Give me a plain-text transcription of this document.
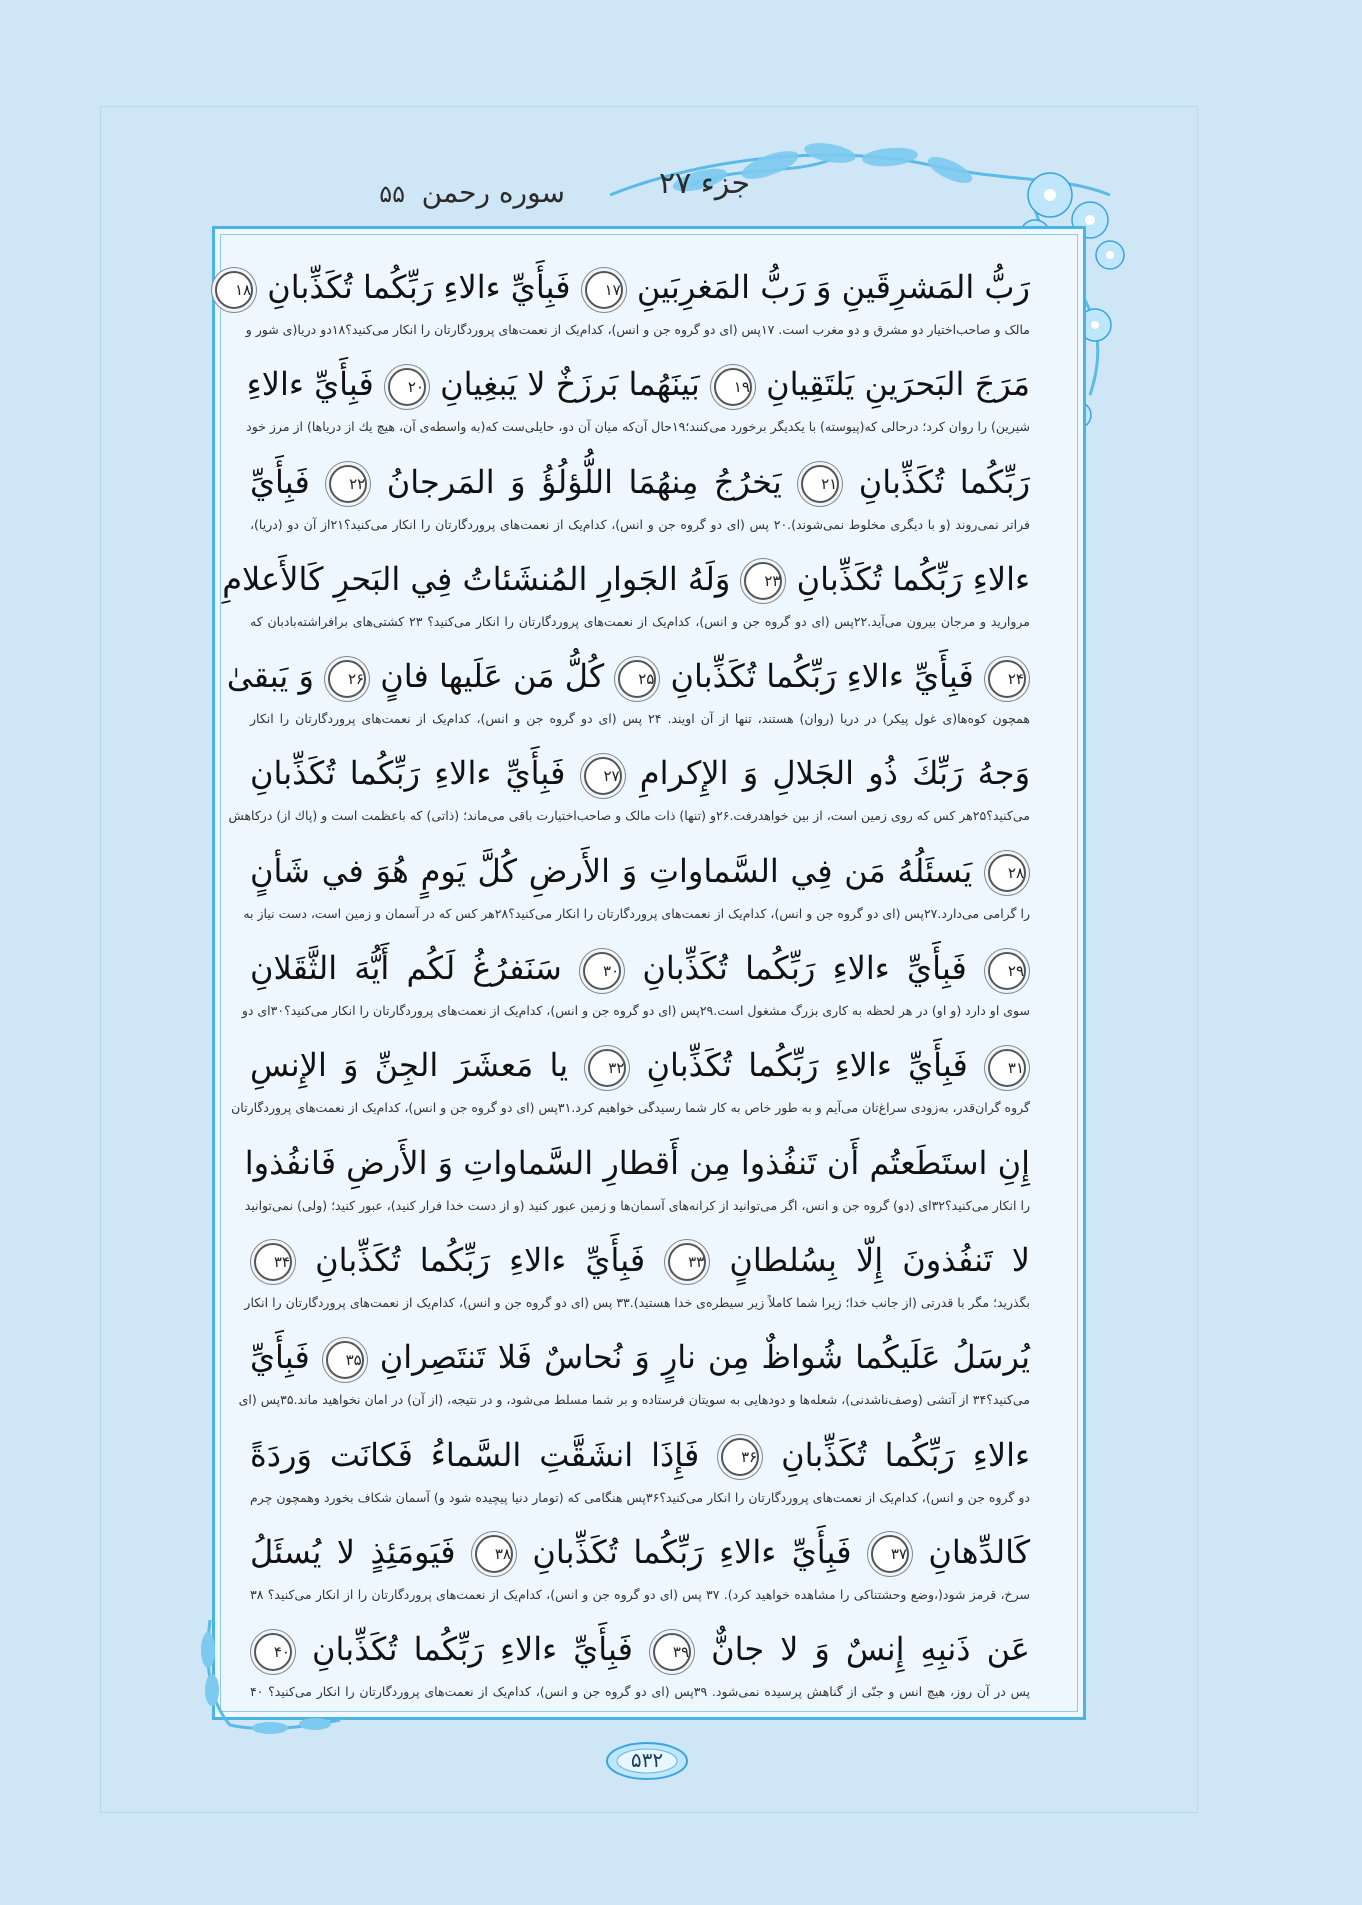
جزء ۲۷
سوره رحمن
۵۵
رَبُّ المَشرِقَينِ وَ رَبُّ المَغرِبَينِ ۱۷ فَبِأَيِّ ءالاءِ رَبِّكُما تُكَذِّبانِ ۱۸
مالک و صاحب‌اختیار دو مشرق و دو مغرب است. ۱۷پس (ای دو گروه جن و انس)، کدام‌یک از نعمت‌های پروردگارتان را انکار می‌کنید؟۱۸دو دریا(ی شور و
مَرَجَ البَحرَينِ يَلتَقِيانِ ۱۹ بَينَهُما بَرزَخٌ لا يَبغِيانِ ۲۰ فَبِأَيِّ ءالاءِ
شیرین) را روان کرد؛ درحالی که(پیوسته) با یکدیگر برخورد می‌کنند؛۱۹حال آن‌که میان آن دو، حایلی‌ست که(به واسطه‌ی آن، هیچ یك از دریاها) از مرز خود
رَبِّكُما تُكَذِّبانِ ۲۱ يَخرُجُ مِنهُمَا اللُّؤلُؤُ وَ المَرجانُ ۲۲ فَبِأَيِّ
فراتر نمی‌روند (و با دیگری مخلوط نمی‌شوند).۲۰ پس (ای دو گروه جن و انس)، کدام‌یک از نعمت‌های پروردگارتان را انکار می‌کنید؟۲۱از آن دو (دریا)،
ءالاءِ رَبِّكُما تُكَذِّبانِ ۲۳ وَلَهُ الجَوارِ المُنشَئاتُ فِي البَحرِ كَالأَعلامِ
مروارید و مرجان بیرون می‌آید.۲۲پس (ای دو گروه جن و انس)، کدام‌یک از نعمت‌های پروردگارتان را انکار می‌کنید؟ ۲۳ کشتی‌های برافراشته‌بادبان که
۲۴ فَبِأَيِّ ءالاءِ رَبِّكُما تُكَذِّبانِ ۲۵ كُلُّ مَن عَلَيها فانٍ ۲۶ وَ يَبقىٰ
همچون کوه‌ها(ی غول پیکر) در دریا (روان) هستند، تنها از آن اویند. ۲۴ پس (ای دو گروه جن و انس)، کدام‌یک از نعمت‌های پروردگارتان را انکار
وَجهُ رَبِّكَ ذُو الجَلالِ وَ الإِكرامِ ۲۷ فَبِأَيِّ ءالاءِ رَبِّكُما تُكَذِّبانِ
می‌کنید؟۲۵هر کس که روی زمین است، از بین خواهدرفت.۲۶و (تنها) ذات مالک و صاحب‌اختیارت باقی می‌ماند؛ (ذاتی) که باعظمت است و (پاك از) درکاهش
۲۸ يَسئَلُهُ مَن فِي السَّماواتِ وَ الأَرضِ كُلَّ يَومٍ هُوَ في شَأنٍ
را گرامی می‌دارد.۲۷پس (ای دو گروه جن و انس)، کدام‌یک از نعمت‌های پروردگارتان را انکار می‌کنید؟۲۸هر کس که در آسمان و زمین است، دست نیاز به
۲۹ فَبِأَيِّ ءالاءِ رَبِّكُما تُكَذِّبانِ ۳۰ سَنَفرُغُ لَكُم أَيُّهَ الثَّقَلانِ
سوی او دارد (و او) در هر لحظه به کاری بزرگ مشغول است.۲۹پس (ای دو گروه جن و انس)، کدام‌یک از نعمت‌های پروردگارتان را انکار می‌کنید؟۳۰ای دو
۳۱ فَبِأَيِّ ءالاءِ رَبِّكُما تُكَذِّبانِ ۳۲ يا مَعشَرَ الجِنِّ وَ الإِنسِ
گروه گران‌قدر، به‌زودی سراغ‌تان می‌آیم و به طور خاص به کار شما رسیدگی خواهیم کرد.۳۱پس (ای دو گروه جن و انس)، کدام‌یک از نعمت‌های پروردگارتان
إِنِ استَطَعتُم أَن تَنفُذوا مِن أَقطارِ السَّماواتِ وَ الأَرضِ فَانفُذوا
را انکار می‌کنید؟۳۲ای (دو) گروه جن و انس، اگر می‌توانید از کرانه‌های آسمان‌ها و زمین عبور کنید (و از دست خدا فرار کنید)، عبور کنید؛ (ولی) نمی‌توانید
لا تَنفُذونَ إِلّا بِسُلطانٍ ۳۳ فَبِأَيِّ ءالاءِ رَبِّكُما تُكَذِّبانِ ۳۴
بگذرید؛ مگر با قدرتی (از جانب خدا؛ زیرا شما کاملاً زیر سیطره‌ی خدا هستید).۳۳ پس (ای دو گروه جن و انس)، کدام‌یک از نعمت‌های پروردگارتان را انکار
يُرسَلُ عَلَيكُما شُواظٌ مِن نارٍ وَ نُحاسٌ فَلا تَنتَصِرانِ ۳۵ فَبِأَيِّ
می‌کنید؟۳۴ از آتشی (وصف‌ناشدنی)، شعله‌ها و دودهایی به سویتان فرستاده و بر شما مسلط می‌شود، و در نتیجه، (از آن) در امان نخواهید ماند.۳۵پس (ای
ءالاءِ رَبِّكُما تُكَذِّبانِ ۳۶ فَإِذَا انشَقَّتِ السَّماءُ فَكانَت وَردَةً
دو گروه جن و انس)، کدام‌یک از نعمت‌های پروردگارتان را انکار می‌کنید؟۳۶پس هنگامی که (تومار دنیا پیچیده شود و) آسمان شکاف بخورد وهمچون چرم
كَالدِّهانِ ۳۷ فَبِأَيِّ ءالاءِ رَبِّكُما تُكَذِّبانِ ۳۸ فَيَومَئِذٍ لا يُسئَلُ
سرخ، قرمز شود(،وضع وحشتناکی را مشاهده خواهید کرد). ۳۷ پس (ای دو گروه جن و انس)، کدام‌یک از نعمت‌های پروردگارتان را از انکار می‌کنید؟ ۳۸
عَن ذَنبِهِ إِنسٌ وَ لا جانٌّ ۳۹ فَبِأَيِّ ءالاءِ رَبِّكُما تُكَذِّبانِ ۴۰
پس در آن روز، هیچ انس و جنّی از گناهش پرسیده نمی‌شود. ۳۹پس (ای دو گروه جن و انس)، کدام‌یک از نعمت‌های پروردگارتان را انکار می‌کنید؟ ۴۰
۵۳۲
